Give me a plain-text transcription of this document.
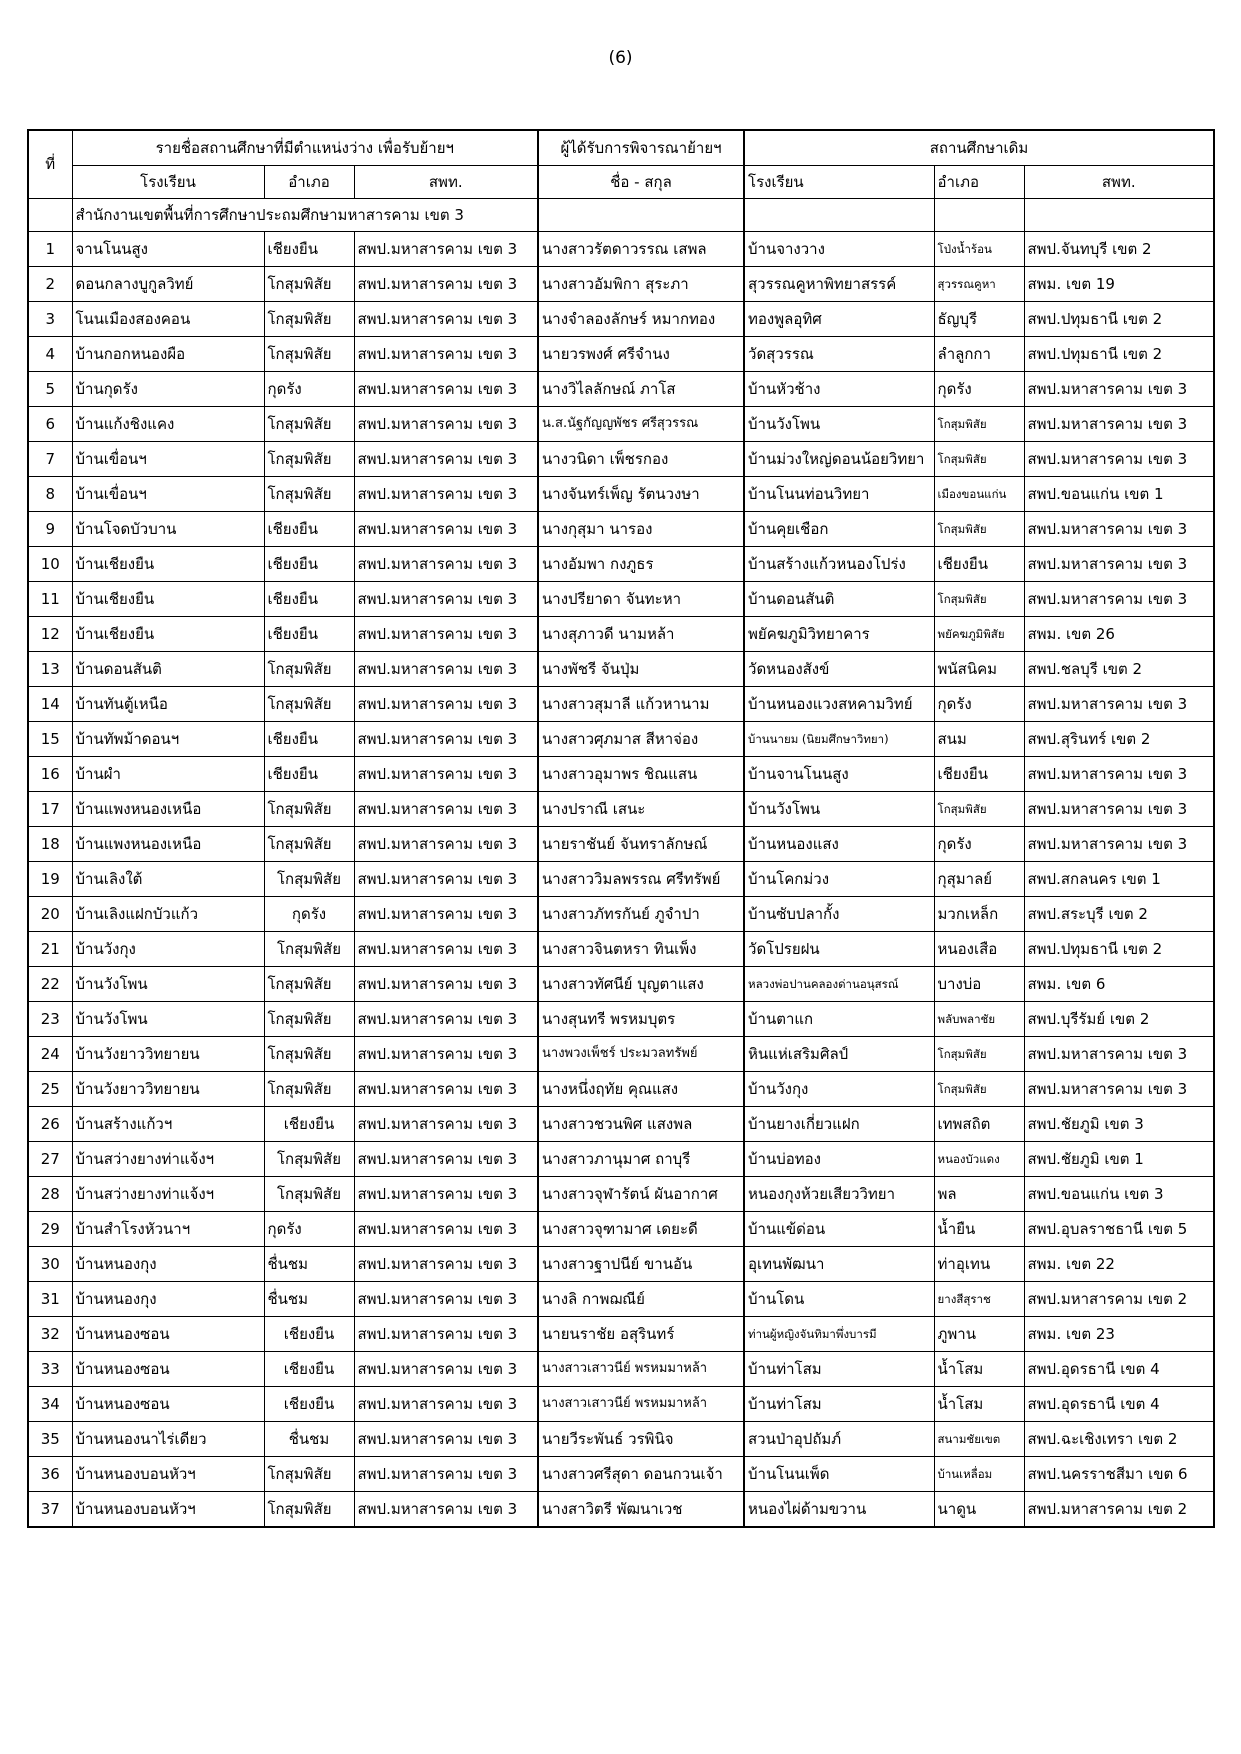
(6)
ที่	รายชื่อสถานศึกษาที่มีตำแหน่งว่าง เพื่อรับย้ายฯ			ผู้ได้รับการพิจารณาย้ายฯ	สถานศึกษาเดิม		
	โรงเรียน	อำเภอ	สพท.	ชื่อ - สกุล	โรงเรียน	อำเภอ	สพท.
	สำนักงานเขตพื้นที่การศึกษาประถมศึกษามหาสารคาม เขต 3						
1	จานโนนสูง	เชียงยืน	สพป.มหาสารคาม เขต 3	นางสาวรัตดาวรรณ เสพล	บ้านจางวาง	โป่งน้ำร้อน	สพป.จันทบุรี เขต 2
2	ดอนกลางบูกูลวิทย์	โกสุมพิสัย	สพป.มหาสารคาม เขต 3	นางสาวอัมพิกา สุระภา	สุวรรณคูหาพิทยาสรรค์	สุวรรณคูหา	สพม. เขต 19
3	โนนเมืองสองคอน	โกสุมพิสัย	สพป.มหาสารคาม เขต 3	นางจำลองลักษร์ หมากทอง	ทองพูลอุทิศ	ธัญบุรี	สพป.ปทุมธานี เขต 2
4	บ้านกอกหนองผือ	โกสุมพิสัย	สพป.มหาสารคาม เขต 3	นายวรพงศ์ ศรีจำนง	วัดสุวรรณ	ลำลูกกา	สพป.ปทุมธานี เขต 2
5	บ้านกุดรัง	กุดรัง	สพป.มหาสารคาม เขต 3	นางวิไลลักษณ์ ภาโส	บ้านหัวช้าง	กุดรัง	สพป.มหาสารคาม เขต 3
6	บ้านแก้งชิงแคง	โกสุมพิสัย	สพป.มหาสารคาม เขต 3	น.ส.นัฐกัญญพัชร ศรีสุวรรณ	บ้านวังโพน	โกสุมพิสัย	สพป.มหาสารคาม เขต 3
7	บ้านเขื่อนฯ	โกสุมพิสัย	สพป.มหาสารคาม เขต 3	นางวนิดา เพ็ชรกอง	บ้านม่วงใหญ่ดอนน้อยวิทยา	โกสุมพิสัย	สพป.มหาสารคาม เขต 3
8	บ้านเขื่อนฯ	โกสุมพิสัย	สพป.มหาสารคาม เขต 3	นางจันทร์เพ็ญ รัตนวงษา	บ้านโนนท่อนวิทยา	เมืองขอนแก่น	สพป.ขอนแก่น เขต 1
9	บ้านโจดบัวบาน	เชียงยืน	สพป.มหาสารคาม เขต 3	นางกุสุมา นารอง	บ้านคุยเชือก	โกสุมพิสัย	สพป.มหาสารคาม เขต 3
10	บ้านเชียงยืน	เชียงยืน	สพป.มหาสารคาม เขต 3	นางอัมพา กงภูธร	บ้านสร้างแก้วหนองโปร่ง	เชียงยืน	สพป.มหาสารคาม เขต 3
11	บ้านเชียงยืน	เชียงยืน	สพป.มหาสารคาม เขต 3	นางปรียาดา จันทะหา	บ้านดอนสันติ	โกสุมพิสัย	สพป.มหาสารคาม เขต 3
12	บ้านเชียงยืน	เชียงยืน	สพป.มหาสารคาม เขต 3	นางสุภาวดี นามหล้า	พยัคฆภูมิวิทยาคาร	พยัคฆภูมิพิสัย	สพม. เขต 26
13	บ้านดอนสันติ	โกสุมพิสัย	สพป.มหาสารคาม เขต 3	นางพัชรี จันปุ่ม	วัดหนองสังข์	พนัสนิคม	สพป.ชลบุรี เขต 2
14	บ้านทันตู้เหนือ	โกสุมพิสัย	สพป.มหาสารคาม เขต 3	นางสาวสุมาลี แก้วหานาม	บ้านหนองแวงสหคามวิทย์	กุดรัง	สพป.มหาสารคาม เขต 3
15	บ้านทัพม้าดอนฯ	เชียงยืน	สพป.มหาสารคาม เขต 3	นางสาวศุภมาส สีหาจ่อง	บ้านนายม (นิยมศึกษาวิทยา)	สนม	สพป.สุรินทร์ เขต 2
16	บ้านผำ	เชียงยืน	สพป.มหาสารคาม เขต 3	นางสาวอุมาพร ชิณแสน	บ้านจานโนนสูง	เชียงยืน	สพป.มหาสารคาม เขต 3
17	บ้านแพงหนองเหนือ	โกสุมพิสัย	สพป.มหาสารคาม เขต 3	นางปราณี เสนะ	บ้านวังโพน	โกสุมพิสัย	สพป.มหาสารคาม เขต 3
18	บ้านแพงหนองเหนือ	โกสุมพิสัย	สพป.มหาสารคาม เขต 3	นายราชันย์ จันทราลักษณ์	บ้านหนองแสง	กุดรัง	สพป.มหาสารคาม เขต 3
19	บ้านเลิงใต้	โกสุมพิสัย	สพป.มหาสารคาม เขต 3	นางสาววิมลพรรณ ศรีทรัพย์	บ้านโคกม่วง	กุสุมาลย์	สพป.สกลนคร เขต 1
20	บ้านเลิงแฝกบัวแก้ว	กุดรัง	สพป.มหาสารคาม เขต 3	นางสาวภัทรกันย์ ภูจำปา	บ้านซับปลากั้ง	มวกเหล็ก	สพป.สระบุรี เขต 2
21	บ้านวังกุง	โกสุมพิสัย	สพป.มหาสารคาม เขต 3	นางสาวจินตหรา ทินเพ็ง	วัดโปรยฝน	หนองเสือ	สพป.ปทุมธานี เขต 2
22	บ้านวังโพน	โกสุมพิสัย	สพป.มหาสารคาม เขต 3	นางสาวทัศนีย์ บุญตาแสง	หลวงพ่อปานคลองด่านอนุสรณ์	บางบ่อ	สพม. เขต 6
23	บ้านวังโพน	โกสุมพิสัย	สพป.มหาสารคาม เขต 3	นางสุนทรี พรหมบุตร	บ้านตาแก	พลับพลาชัย	สพป.บุรีรัมย์ เขต 2
24	บ้านวังยาววิทยายน	โกสุมพิสัย	สพป.มหาสารคาม เขต 3	นางพวงเพ็ชร์ ประมวลทรัพย์	หินแห่เสริมศิลป์	โกสุมพิสัย	สพป.มหาสารคาม เขต 3
25	บ้านวังยาววิทยายน	โกสุมพิสัย	สพป.มหาสารคาม เขต 3	นางหนึ่งฤทัย คุณแสง	บ้านวังกุง	โกสุมพิสัย	สพป.มหาสารคาม เขต 3
26	บ้านสร้างแก้วฯ	เชียงยืน	สพป.มหาสารคาม เขต 3	นางสาวชวนพิศ แสงพล	บ้านยางเกี่ยวแฝก	เทพสถิต	สพป.ชัยภูมิ เขต 3
27	บ้านสว่างยางท่าแจ้งฯ	โกสุมพิสัย	สพป.มหาสารคาม เขต 3	นางสาวภานุมาศ ถาบุรี	บ้านบ่อทอง	หนองบัวแดง	สพป.ชัยภูมิ เขต 1
28	บ้านสว่างยางท่าแจ้งฯ	โกสุมพิสัย	สพป.มหาสารคาม เขต 3	นางสาวจุฬารัตน์ ผันอากาศ	หนองกุงห้วยเสียววิทยา	พล	สพป.ขอนแก่น เขต 3
29	บ้านสำโรงหัวนาฯ	กุดรัง	สพป.มหาสารคาม เขต 3	นางสาวจุฑามาศ เดยะดี	บ้านแข้ด่อน	น้ำยืน	สพป.อุบลราชธานี เขต 5
30	บ้านหนองกุง	ชื่นชม	สพป.มหาสารคาม เขต 3	นางสาวฐาปนีย์ ขานอัน	อุเทนพัฒนา	ท่าอุเทน	สพม. เขต 22
31	บ้านหนองกุง	ชื่นชม	สพป.มหาสารคาม เขต 3	นางลิ กาพฌณีย์	บ้านโดน	ยางสีสุราช	สพป.มหาสารคาม เขต 2
32	บ้านหนองซอน	เชียงยืน	สพป.มหาสารคาม เขต 3	นายนราชัย อสุรินทร์	ท่านผู้หญิงจันทิมาพึ่งบารมี	ภูพาน	สพม. เขต 23
33	บ้านหนองซอน	เชียงยืน	สพป.มหาสารคาม เขต 3	นางสาวเสาวนีย์ พรหมมาหล้า	บ้านท่าโสม	น้ำโสม	สพป.อุดรธานี เขต 4
34	บ้านหนองซอน	เชียงยืน	สพป.มหาสารคาม เขต 3	นางสาวเสาวนีย์ พรหมมาหล้า	บ้านท่าโสม	น้ำโสม	สพป.อุดรธานี เขต 4
35	บ้านหนองนาไร่เดียว	ชื่นชม	สพป.มหาสารคาม เขต 3	นายวีระพันธ์ วรพินิจ	สวนป่าอุปถัมภ์	สนามชัยเขต	สพป.ฉะเชิงเทรา เขต 2
36	บ้านหนองบอนหัวฯ	โกสุมพิสัย	สพป.มหาสารคาม เขต 3	นางสาวศรีสุดา ดอนกวนเจ้า	บ้านโนนเพ็ด	บ้านเหลื่อม	สพป.นครราชสีมา เขต 6
37	บ้านหนองบอนหัวฯ	โกสุมพิสัย	สพป.มหาสารคาม เขต 3	นางสาวิตรี พัฒนาเวช	หนองไผ่ด้ามขวาน	นาดูน	สพป.มหาสารคาม เขต 2
